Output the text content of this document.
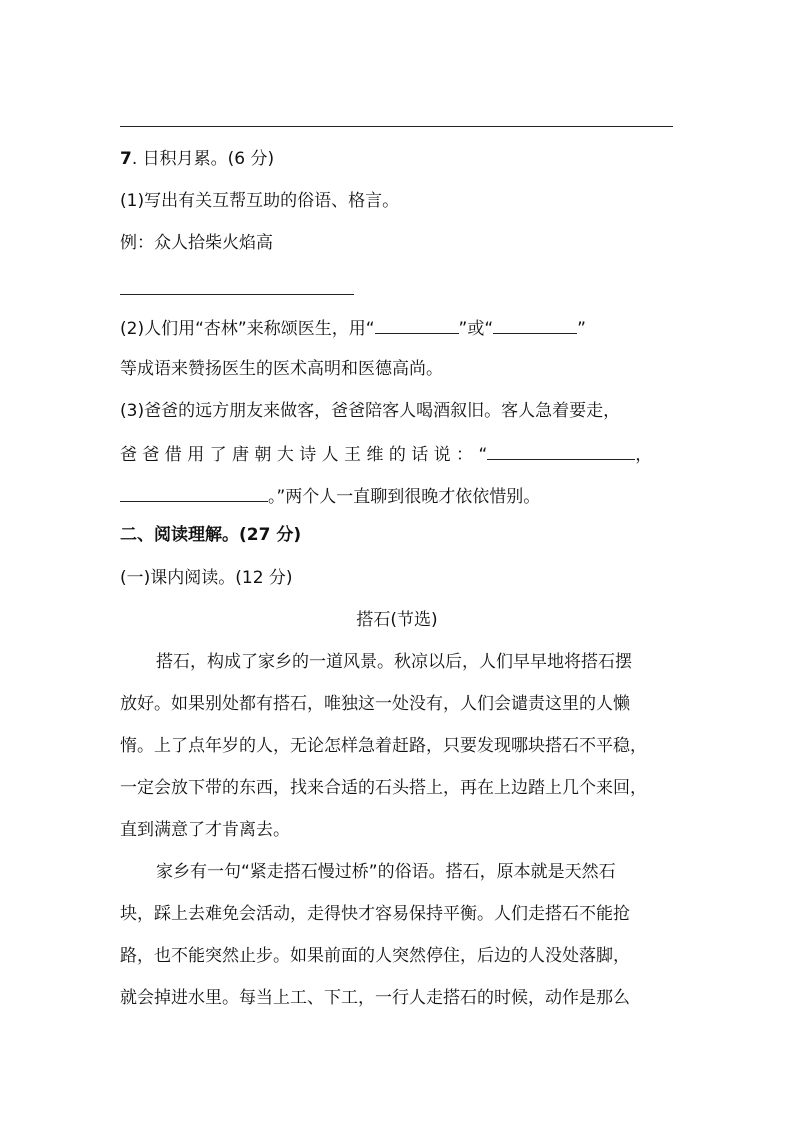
7. 日积月累。(6 分)
(1)写出有关互帮互助的俗语、格言。
例：众人拾柴火焰高
(2)人们用“杏林”来称颂医生，用“	”或“	”
等成语来赞扬医生的医术高明和医德高尚。
(3)爸爸的远方朋友来做客，爸爸陪客人喝酒叙旧。客人急着要走，
爸 爸 借 用 了 唐 朝 大 诗 人 王 维 的 话 说 ： “	，
。”两个人一直聊到很晚才依依惜别。
二、阅读理解。(27 分)
(一)课内阅读。(12 分)
搭石(节选)
搭石，构成了家乡的一道风景。秋凉以后，人们早早地将搭石摆
放好。如果别处都有搭石，唯独这一处没有，人们会谴责这里的人懒
惰。上了点年岁的人，无论怎样急着赶路，只要发现哪块搭石不平稳，
一定会放下带的东西，找来合适的石头搭上，再在上边踏上几个来回，
直到满意了才肯离去。
家乡有一句“紧走搭石慢过桥”的俗语。搭石，原本就是天然石
块，踩上去难免会活动，走得快才容易保持平衡。人们走搭石不能抢
路，也不能突然止步。如果前面的人突然停住，后边的人没处落脚，
就会掉进水里。每当上工、下工，一行人走搭石的时候，动作是那么
